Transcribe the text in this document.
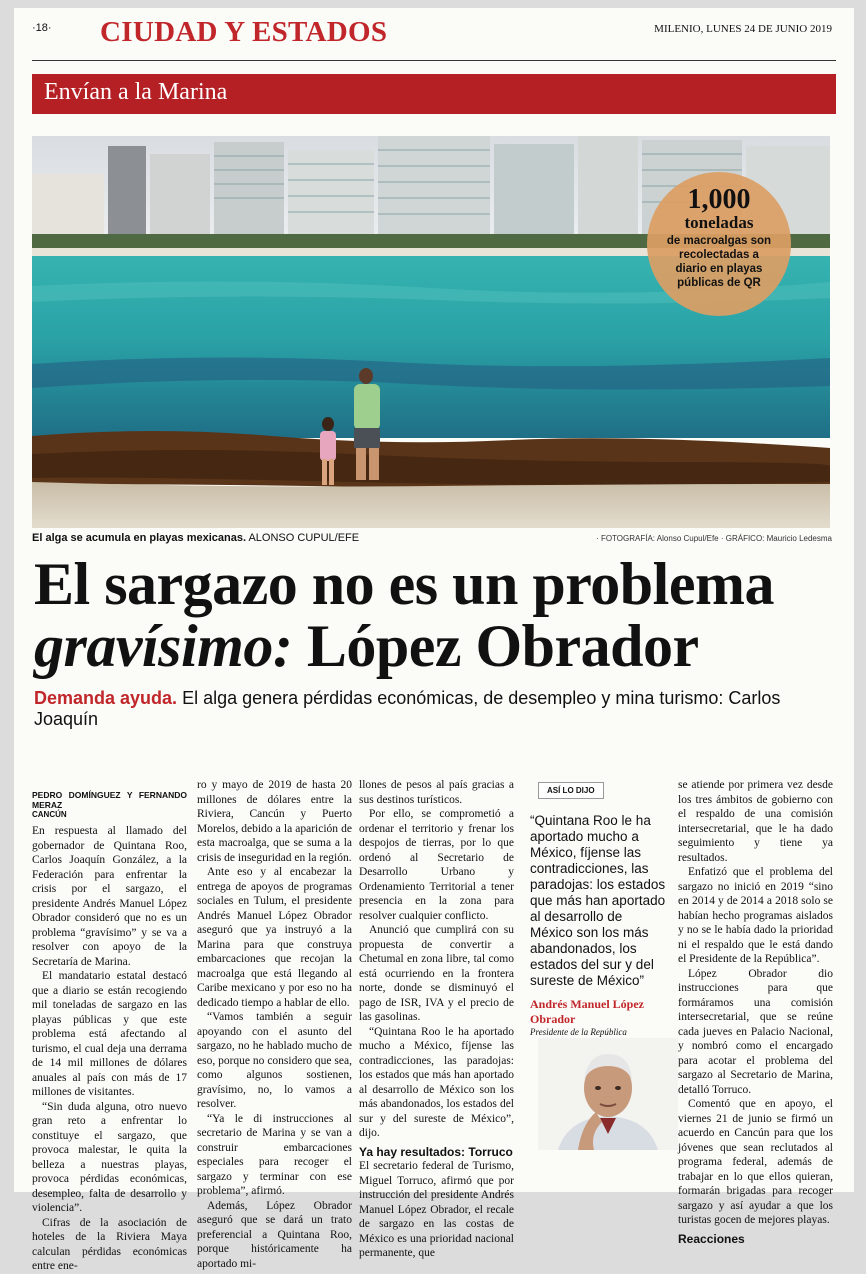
·18· CIUDAD Y ESTADOS	MILENIO, LUNES 24 DE JUNIO 2019
Envían a la Marina
1,000
toneladas
de macroalgas son recolectadas a diario en playas públicas de QR
El alga se acumula en playas mexicanas. ALONSO CUPUL/EFE	· FOTOGRAFÍA: Alonso Cupul/Efe · GRÁFICO: Mauricio Ledesma
El sargazo no es un problema
gravísimo: López Obrador
Demanda ayuda. El alga genera pérdidas económicas, de desempleo y mina turismo: Carlos Joaquín
PEDRO DOMÍNGUEZ Y FERNANDO MERAZ
CANCÚN

En respuesta al llamado del gobernador de Quintana Roo, Carlos Joaquín González, a la Federación para enfrentar la crisis por el sargazo, el presidente Andrés Manuel López Obrador consideró que no es un problema “gravísimo” y se va a resolver con apoyo de la Secretaría de Marina.

El mandatario estatal destacó que a diario se están recogiendo mil toneladas de sargazo en las playas públicas y que este problema está afectando al turismo, el cual deja una derrama de 14 mil millones de dólares anuales al país con más de 17 millones de visitantes.

“Sin duda alguna, otro nuevo gran reto a enfrentar lo constituye el sargazo, que provoca malestar, le quita la belleza a nuestras playas, provoca pérdidas económicas, desempleo, falta de desarrollo y violencia”.

Cifras de la asociación de hoteles de la Riviera Maya calculan pérdidas económicas entre ene-

ro y mayo de 2019 de hasta 20 millones de dólares entre la Riviera, Cancún y Puerto Morelos, debido a la aparición de esta macroalga, que se suma a la crisis de inseguridad en la región.

Ante eso y al encabezar la entrega de apoyos de programas sociales en Tulum, el presidente Andrés Manuel López Obrador aseguró que ya instruyó a la Marina para que construya embarcaciones que recojan la macroalga que está llegando al Caribe mexicano y por eso no ha dedicado tiempo a hablar de ello.

“Vamos también a seguir apoyando con el asunto del sargazo, no he hablado mucho de eso, porque no considero que sea, como algunos sostienen, gravísimo, no, lo vamos a resolver.

“Ya le di instrucciones al secretario de Marina y se van a construir embarcaciones especiales para recoger el sargazo y terminar con ese problema”, afirmó.

Además, López Obrador aseguró que se dará un trato preferencial a Quintana Roo, porque históricamente ha aportado mi-

llones de pesos al país gracias a sus destinos turísticos.

Por ello, se comprometió a ordenar el territorio y frenar los despojos de tierras, por lo que ordenó al Secretario de Desarrollo Urbano y Ordenamiento Territorial a tener presencia en la zona para resolver cualquier conflicto.

Anunció que cumplirá con su propuesta de convertir a Chetumal en zona libre, tal como está ocurriendo en la frontera norte, donde se disminuyó el pago de ISR, IVA y el precio de las gasolinas.

“Quintana Roo le ha aportado mucho a México, fíjense las contradicciones, las paradojas: los estados que más han aportado al desarrollo de México son los más abandonados, los estados del sur y del sureste de México”, dijo.

Ya hay resultados: Torruco

El secretario federal de Turismo, Miguel Torruco, afirmó que por instrucción del presidente Andrés Manuel López Obrador, el recale de sargazo en las costas de México es una prioridad nacional permanente, que

ASÍ LO DIJO
“Quintana Roo le ha aportado mucho a México, fíjense las contradicciones, las paradojas: los estados que más han aportado al desarrollo de México son los más abandonados, los estados del sur y del sureste de México”
Andrés Manuel López Obrador
Presidente de la República

se atiende por primera vez desde los tres ámbitos de gobierno con el respaldo de una comisión intersecretarial, que le ha dado seguimiento y tiene ya resultados.

Enfatizó que el problema del sargazo no inició en 2019 “sino en 2014 y de 2014 a 2018 solo se habían hecho programas aislados y no se le había dado la prioridad ni el respaldo que le está dando el Presidente de la República”.

López Obrador dio instrucciones para que formáramos una comisión intersecretarial, que se reúne cada jueves en Palacio Nacional, y nombró como el encargado para acotar el problema del sargazo al Secretario de Marina, detalló Torruco.

Comentó que en apoyo, el viernes 21 de junio se firmó un acuerdo en Cancún para que los jóvenes que sean reclutados al programa federal, además de trabajar en lo que ellos quieran, formarán brigadas para recoger sargazo y así ayudar a que los turistas gocen de mejores playas.

Reacciones
